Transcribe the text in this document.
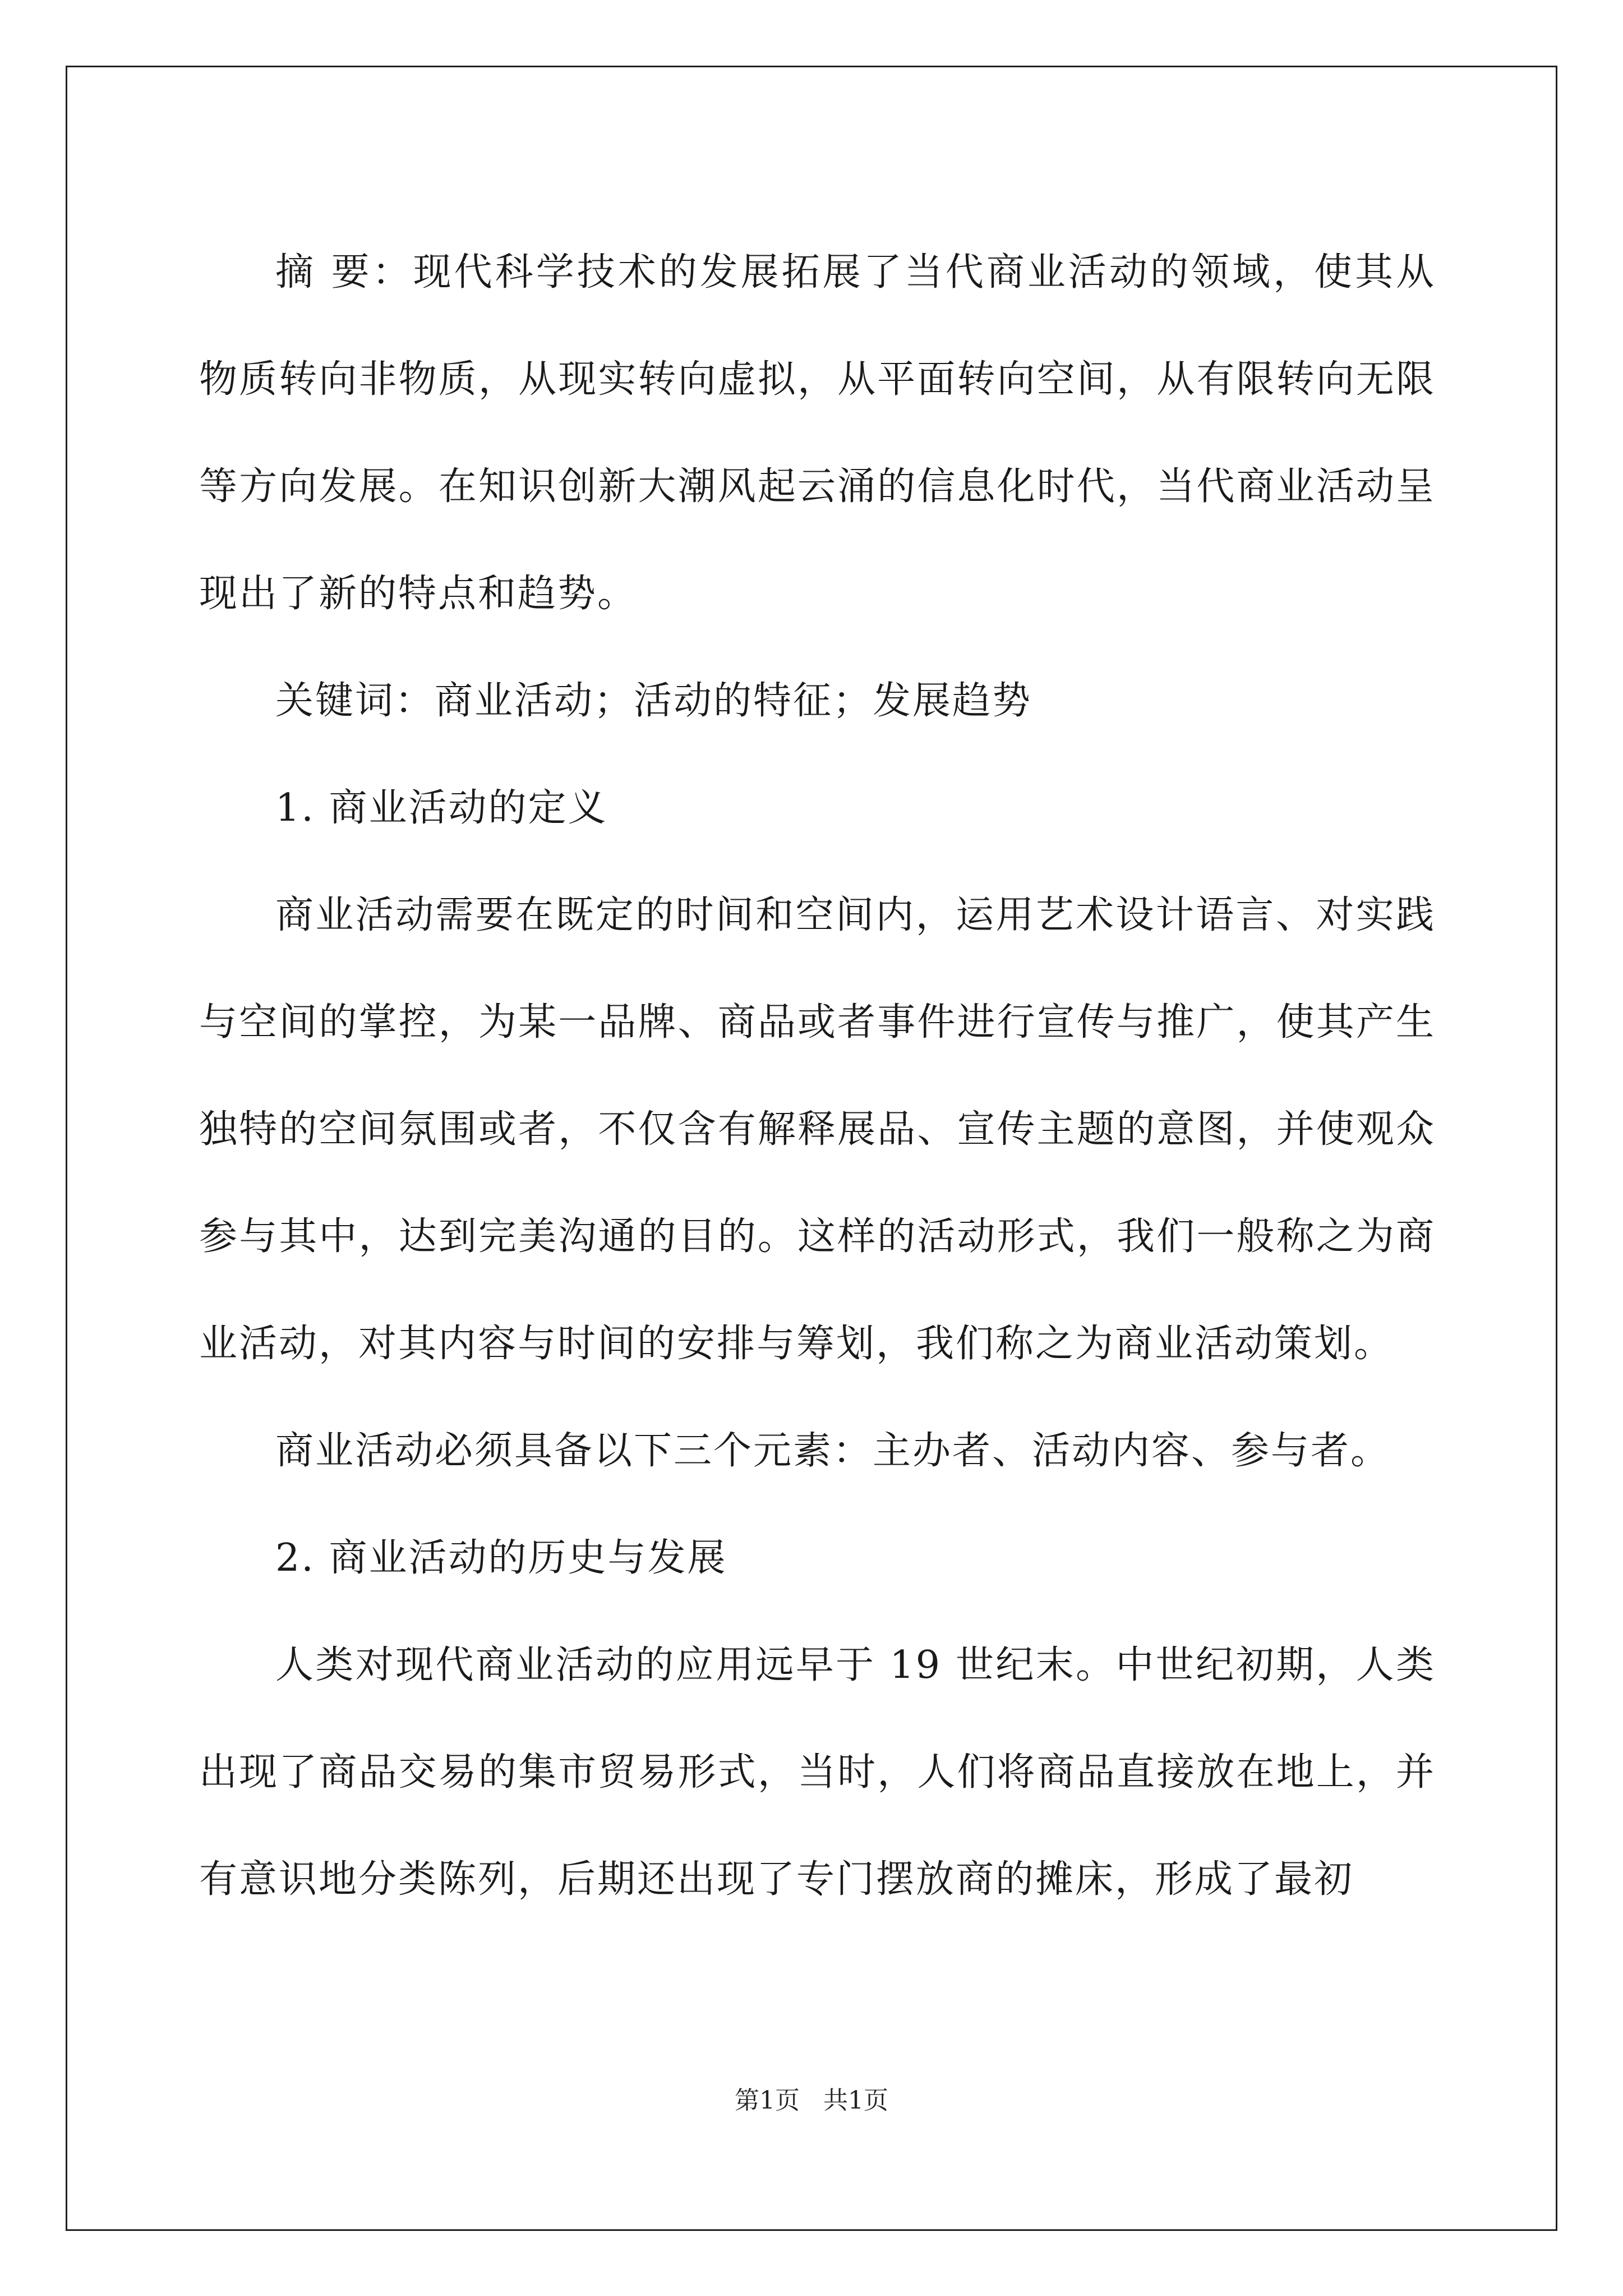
摘 要：现代科学技术的发展拓展了当代商业活动的领域，使其从物质转向非物质，从现实转向虚拟，从平面转向空间，从有限转向无限等方向发展。在知识创新大潮风起云涌的信息化时代，当代商业活动呈现出了新的特点和趋势。

关键词：商业活动；活动的特征；发展趋势

1. 商业活动的定义

商业活动需要在既定的时间和空间内，运用艺术设计语言、对实践与空间的掌控，为某一品牌、商品或者事件进行宣传与推广，使其产生独特的空间氛围或者，不仅含有解释展品、宣传主题的意图，并使观众参与其中，达到完美沟通的目的。这样的活动形式，我们一般称之为商业活动，对其内容与时间的安排与筹划，我们称之为商业活动策划。

商业活动必须具备以下三个元素：主办者、活动内容、参与者。

2. 商业活动的历史与发展

人类对现代商业活动的应用远早于 19 世纪末。中世纪初期，人类出现了商品交易的集市贸易形式，当时，人们将商品直接放在地上，并有意识地分类陈列，后期还出现了专门摆放商的摊床，形成了最初

第1页 共1页
